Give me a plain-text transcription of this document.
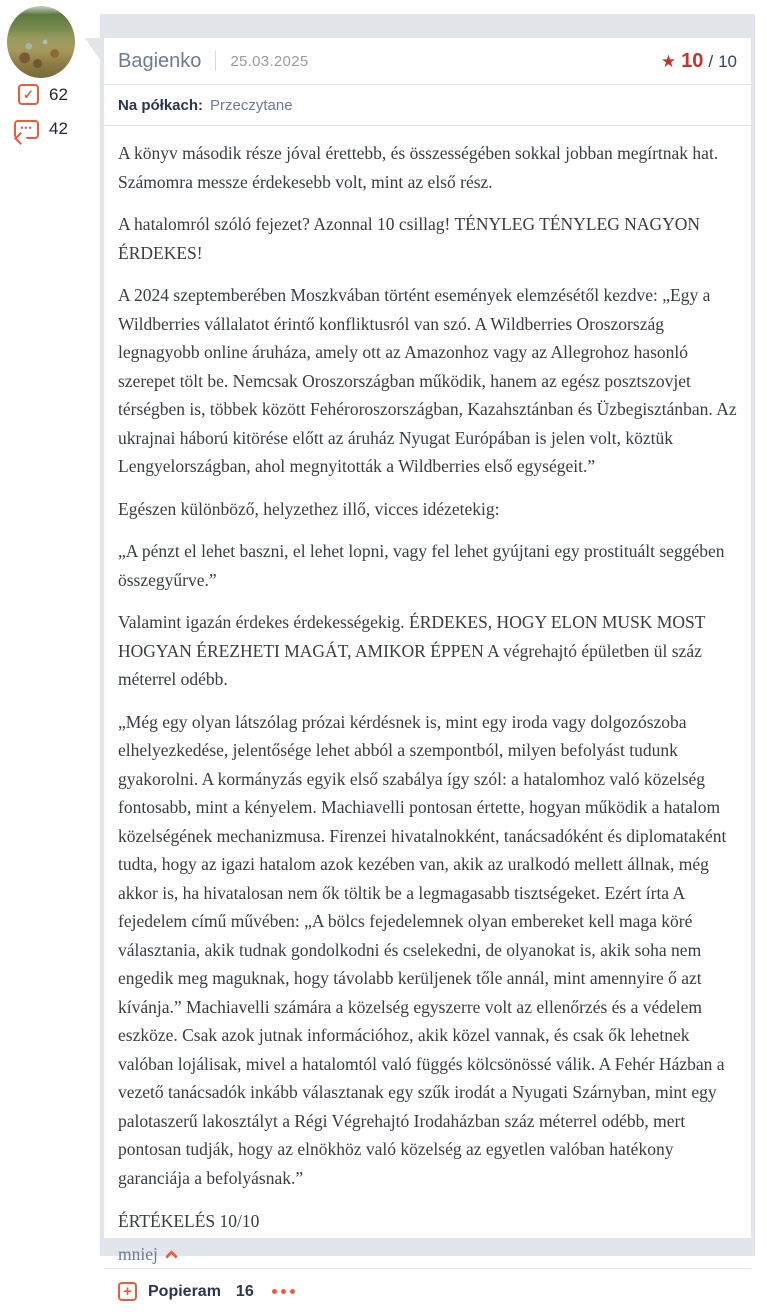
✓ 62
••• 42
Bagienko 25.03.2025	★ 10 / 10
Na półkach: Przeczytane

A könyv második része jóval érettebb, és összességében sokkal jobban megírtnak hat. Számomra messze érdekesebb volt, mint az első rész.

A hatalomról szóló fejezet? Azonnal 10 csillag! TÉNYLEG TÉNYLEG NAGYON ÉRDEKES!

A 2024 szeptemberében Moszkvában történt események elemzésétől kezdve: „Egy a Wildberries vállalatot érintő konfliktusról van szó. A Wildberries Oroszország legnagyobb online áruháza, amely ott az Amazonhoz vagy az Allegrohoz hasonló szerepet tölt be. Nemcsak Oroszországban működik, hanem az egész posztszovjet térségben is, többek között Fehéroroszországban, Kazahsztánban és Üzbegisztánban. Az ukrajnai háború kitörése előtt az áruház Nyugat Európában is jelen volt, köztük Lengyelországban, ahol megnyitották a Wildberries első egységeit.”

Egészen különböző, helyzethez illő, vicces idézetekig:

„A pénzt el lehet baszni, el lehet lopni, vagy fel lehet gyújtani egy prostituált seggében összegyűrve.”

Valamint igazán érdekes érdekességekig. ÉRDEKES, HOGY ELON MUSK MOST HOGYAN ÉREZHETI MAGÁT, AMIKOR ÉPPEN A végrehajtó épületben ül száz méterrel odébb.

„Még egy olyan látszólag prózai kérdésnek is, mint egy iroda vagy dolgozószoba elhelyezkedése, jelentősége lehet abból a szempontból, milyen befolyást tudunk gyakorolni. A kormányzás egyik első szabálya így szól: a hatalomhoz való közelség fontosabb, mint a kényelem. Machiavelli pontosan értette, hogyan működik a hatalom közelségének mechanizmusa. Firenzei hivatalnokként, tanácsadóként és diplomataként tudta, hogy az igazi hatalom azok kezében van, akik az uralkodó mellett állnak, még akkor is, ha hivatalosan nem ők töltik be a legmagasabb tisztségeket. Ezért írta A fejedelem című művében: „A bölcs fejedelemnek olyan embereket kell maga köré választania, akik tudnak gondolkodni és cselekedni, de olyanokat is, akik soha nem engedik meg maguknak, hogy távolabb kerüljenek tőle annál, mint amennyire ő azt kívánja.” Machiavelli számára a közelség egyszerre volt az ellenőrzés és a védelem eszköze. Csak azok jutnak információhoz, akik közel vannak, és csak ők lehetnek valóban lojálisak, mivel a hatalomtól való függés kölcsönössé válik. A Fehér Házban a vezető tanácsadók inkább választanak egy szűk irodát a Nyugati Szárnyban, mint egy palotaszerű lakosztályt a Régi Végrehajtó Irodaházban száz méterrel odébb, mert pontosan tudják, hogy az elnökhöz való közelség az egyetlen valóban hatékony garanciája a befolyásnak.”

ÉRTÉKELÉS 10/10
mniej
+	Popieram 16
